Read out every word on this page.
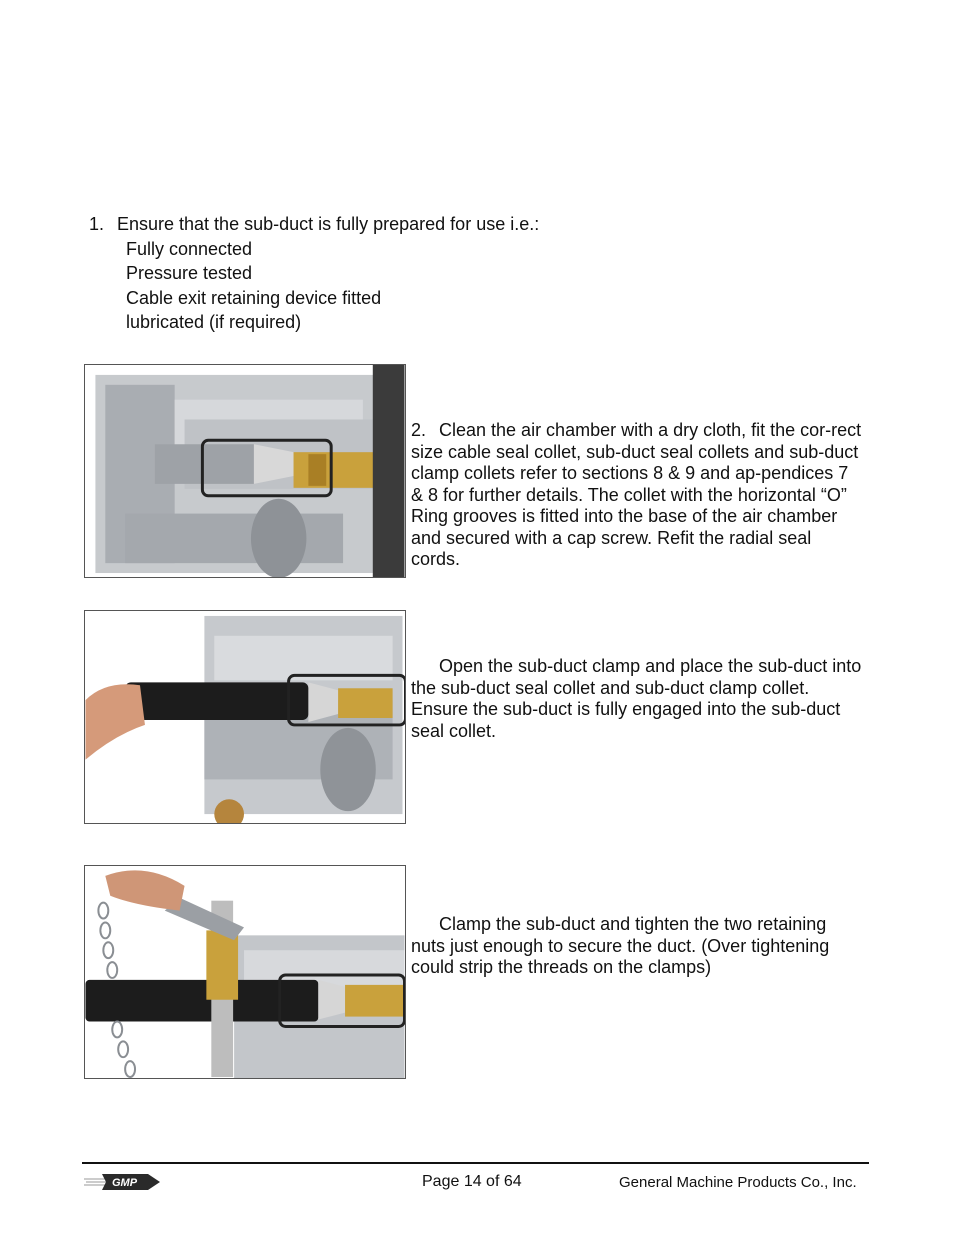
1. Ensure that the sub-duct is fully prepared for use i.e.:
Fully connected
Pressure tested
Cable exit retaining device fitted
lubricated (if required)
2. Clean the air chamber with a dry cloth, fit the cor-rect size cable seal collet, sub-duct seal collets and sub-duct clamp collets refer to sections 8 & 9 and ap-pendices 7 & 8 for further details. The collet with the horizontal “O” Ring grooves is fitted into the base of the air chamber and secured with a cap screw. Refit the radial seal cords.
Open the sub-duct clamp and place the sub-duct into the sub-duct seal collet and sub-duct clamp collet. Ensure the sub-duct is fully engaged into the sub-duct seal collet.
Clamp the sub-duct and tighten the two retaining nuts just enough to secure the duct. (Over tightening could strip the threads on the clamps)
GMP	Page 14 of 64	General Machine Products Co., Inc.
